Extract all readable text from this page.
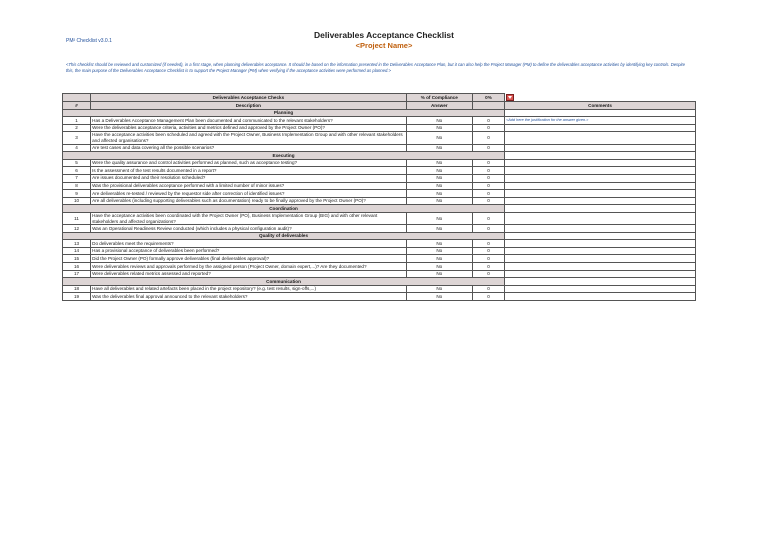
PM² Checklist v3.0.1
Deliverables Acceptance Checklist
<Project Name>
<This checklist should be reviewed and customized (if needed), in a first stage, when planning deliverables acceptance. It should be based on the information presented in the Deliverables Acceptance Plan, but it can also help the Project Manager (PM) to define the deliverables acceptance activities by identifying key controls. Despite this, the main purpose of the Deliverables Acceptance Checklist is to support the Project Manager (PM) when verifying if the acceptance activities were performed as planned.>
	Deliverables Acceptance Checks	% of Compliance	0%	
#	Description	Answer		Comments
Planning				
1	Has a Deliverables Acceptance Management Plan been documented and communicated to the relevant stakeholders?	No	0	<Add here the justification for the answer given.>
2	Were the deliverables acceptance criteria, activities and metrics defined and approved by the Project Owner (PO)?	No	0	
3	Have the acceptance activities been scheduled and agreed with the Project Owner, Business Implementation Group and with other relevant stakeholders and affected organisations?	No	0	
4	Are test cases and data covering all the possible scenarios?	No	0	
Executing				
5	Were the quality assurance and control activities performed as planned, such as acceptance testing?	No	0	
6	Is the assessment of the test results documented in a report?	No	0	
7	Are issues documented and their resolution scheduled?	No	0	
8	Was the provisional deliverables acceptance performed with a limited number of minor issues?	No	0	
9	Are deliverables re-tested / reviewed by the requestor side after correction of identified issues?	No	0	
10	Are all deliverables (including supporting deliverables such as documentation) ready to be finally approved by the Project Owner (PO)?	No	0	
Coordination				
11	Have the acceptance activities been coordinated with the Project Owner (PO), Business Implementation Group (BIG) and with other relevant stakeholders and affected organizations?	No	0	
12	Was an Operational Readiness Review conducted (which includes a physical configuration audit)?	No	0	
Quality of deliverables				
13	Do deliverables meet the requirements?	No	0	
14	Has a provisional acceptance of deliverables been performed?	No	0	
15	Did the Project Owner (PO) formally approve deliverables (final deliverables approval)?	No	0	
16	Were deliverables reviews and approvals performed by the assigned person (Project Owner, domain expert,...)? Are they documented?	No	0	
17	Were deliverables related metrics assessed and reported?	No	0	
Communication				
18	Have all deliverables and related artefacts been placed in the project repository? (e.g. test results, sign-offs,...)	No	0	
19	Was the deliverables final approval announced to the relevant stakeholders?	No	0	
